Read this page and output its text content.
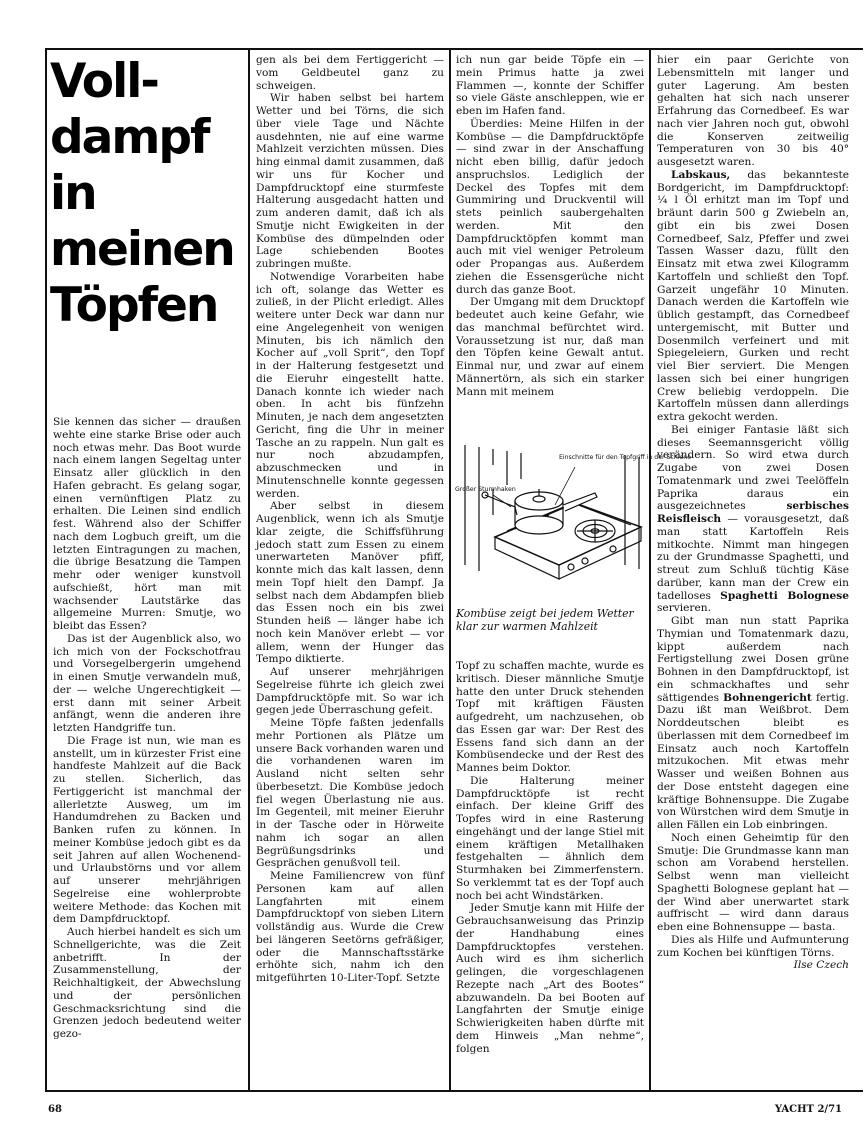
Voll-
dampf
in
meinen
Töpfen

Sie kennen das sicher — draußen wehte eine starke Brise oder auch noch etwas mehr. Das Boot wurde nach einem langen Segeltag unter Einsatz aller glücklich in den Hafen gebracht. Es gelang sogar, einen vernünftigen Platz zu erhalten. Die Leinen sind endlich fest. Während also der Schiffer nach dem Logbuch greift, um die letzten Eintragungen zu machen, die übrige Besatzung die Tampen mehr oder weniger kunstvoll aufschießt, hört man mit wachsender Lautstärke das allgemeine Murren: Smutje, wo bleibt das Essen?

Das ist der Augenblick also, wo ich mich von der Fockschotfrau und Vorsegelbergerin umgehend in einen Smutje verwandeln muß, der — welche Ungerechtigkeit — erst dann mit seiner Arbeit anfängt, wenn die anderen ihre letzten Handgriffe tun.

Die Frage ist nun, wie man es anstellt, um in kürzester Frist eine handfeste Mahlzeit auf die Back zu stellen. Sicherlich, das Fertiggericht ist manchmal der allerletzte Ausweg, um im Handumdrehen zu Backen und Banken rufen zu können. In meiner Kombüse jedoch gibt es da seit Jahren auf allen Wochenend- und Urlaubstörns und vor allem auf unserer mehrjährigen Segelreise eine wohlerprobte weitere Methode: das Kochen mit dem Dampfdrucktopf.

Auch hierbei handelt es sich um Schnellgerichte, was die Zeit anbetrifft. In der Zusammenstellung, der Reichhaltigkeit, der Abwechslung und der persönlichen Geschmacksrichtung sind die Grenzen jedoch bedeutend weiter gezo-

gen als bei dem Fertiggericht — vom Geldbeutel ganz zu schweigen.

Wir haben selbst bei hartem Wetter und bei Törns, die sich über viele Tage und Nächte ausdehnten, nie auf eine warme Mahlzeit verzichten müssen. Dies hing einmal damit zusammen, daß wir uns für Kocher und Dampfdrucktopf eine sturmfeste Halterung ausgedacht hatten und zum anderen damit, daß ich als Smutje nicht Ewigkeiten in der Kombüse des dümpelnden oder Lage schiebenden Bootes zubringen mußte.

Notwendige Vorarbeiten habe ich oft, solange das Wetter es zuließ, in der Plicht erledigt. Alles weitere unter Deck war dann nur eine Angelegenheit von wenigen Minuten, bis ich nämlich den Kocher auf „voll Sprit“, den Topf in der Halterung festgesetzt und die Eieruhr eingestellt hatte. Danach konnte ich wieder nach oben. In acht bis fünfzehn Minuten, je nach dem angesetzten Gericht, fing die Uhr in meiner Tasche an zu rappeln. Nun galt es nur noch abzudampfen, abzuschmecken und in Minutenschnelle konnte gegessen werden.

Aber selbst in diesem Augenblick, wenn ich als Smutje klar zeigte, die Schiffsführung jedoch statt zum Essen zu einem unerwarteten Manöver pfiff, konnte mich das kalt lassen, denn mein Topf hielt den Dampf. Ja selbst nach dem Abdampfen blieb das Essen noch ein bis zwei Stunden heiß — länger habe ich noch kein Manöver erlebt — vor allem, wenn der Hunger das Tempo diktierte.

Auf unserer mehrjährigen Segelreise führte ich gleich zwei Dampfdrucktöpfe mit. So war ich gegen jede Überraschung gefeit.

Meine Töpfe faßten jedenfalls mehr Portionen als Plätze um unsere Back vorhanden waren und die vorhandenen waren im Ausland nicht selten sehr überbesetzt. Die Kombüse jedoch fiel wegen Überlastung nie aus. Im Gegenteil, mit meiner Eieruhr in der Tasche oder in Hörweite nahm ich sogar an allen Begrüßungsdrinks und Gesprächen genußvoll teil.

Meine Familiencrew von fünf Personen kam auf allen Langfahrten mit einem Dampfdrucktopf von sieben Litern vollständig aus. Wurde die Crew bei längeren Seetörns gefräßiger, oder die Mannschaftsstärke erhöhte sich, nahm ich den mitgeführten 10-Liter-Topf. Setzte

ich nun gar beide Töpfe ein — mein Primus hatte ja zwei Flammen —, konnte der Schiffer so viele Gäste anschleppen, wie er eben im Hafen fand.

Überdies: Meine Hilfen in der Kombüse — die Dampfdrucktöpfe — sind zwar in der Anschaffung nicht eben billig, dafür jedoch anspruchslos. Lediglich der Deckel des Topfes mit dem Gummiring und Druckventil will stets peinlich saubergehalten werden. Mit den Dampfdrucktöpfen kommt man auch mit viel weniger Petroleum oder Propangas aus. Außerdem ziehen die Essensgerüche nicht durch das ganze Boot.

Der Umgang mit dem Drucktopf bedeutet auch keine Gefahr, wie das manchmal befürchtet wird. Voraussetzung ist nur, daß man den Töpfen keine Gewalt antut. Einmal nur, und zwar auf einem Männertörn, als sich ein starker Mann mit meinem

Einschnitte für den Topfgriff in der Schiene
Großer Sturmhaken
Kombüse zeigt bei jedem Wetter klar zur warmen Mahlzeit

Topf zu schaffen machte, wurde es kritisch. Dieser männliche Smutje hatte den unter Druck stehenden Topf mit kräftigen Fäusten aufgedreht, um nachzusehen, ob das Essen gar war: Der Rest des Essens fand sich dann an der Kombüsendecke und der Rest des Mannes beim Doktor.

Die Halterung meiner Dampfdrucktöpfe ist recht einfach. Der kleine Griff des Topfes wird in eine Rasterung eingehängt und der lange Stiel mit einem kräftigen Metallhaken festgehalten — ähnlich dem Sturmhaken bei Zimmerfenstern. So verklemmt tat es der Topf auch noch bei acht Windstärken.

Jeder Smutje kann mit Hilfe der Gebrauchsanweisung das Prinzip der Handhabung eines Dampfdrucktopfes verstehen. Auch wird es ihm sicherlich gelingen, die vorgeschlagenen Rezepte nach „Art des Bootes“ abzuwandeln. Da bei Booten auf Langfahrten der Smutje einige Schwierigkeiten haben dürfte mit dem Hinweis „Man nehme“, folgen

hier ein paar Gerichte von Lebensmitteln mit langer und guter Lagerung. Am besten gehalten hat sich nach unserer Erfahrung das Cornedbeef. Es war nach vier Jahren noch gut, obwohl die Konserven zeitweilig Temperaturen von 30 bis 40° ausgesetzt waren.

Labskaus, das bekannteste Bordgericht, im Dampfdrucktopf: ¼ l Öl erhitzt man im Topf und bräunt darin 500 g Zwiebeln an, gibt ein bis zwei Dosen Cornedbeef, Salz, Pfeffer und zwei Tassen Wasser dazu, füllt den Einsatz mit etwa zwei Kilogramm Kartoffeln und schließt den Topf. Garzeit ungefähr 10 Minuten. Danach werden die Kartoffeln wie üblich gestampft, das Cornedbeef untergemischt, mit Butter und Dosenmilch verfeinert und mit Spiegeleiern, Gurken und recht viel Bier serviert. Die Mengen lassen sich bei einer hungrigen Crew beliebig verdoppeln. Die Kartoffeln müssen dann allerdings extra gekocht werden.

Bei einiger Fantasie läßt sich dieses Seemannsgericht völlig verändern. So wird etwa durch Zugabe von zwei Dosen Tomatenmark und zwei Teelöffeln Paprika daraus ein ausgezeichnetes serbisches Reisfleisch — vorausgesetzt, daß man statt Kartoffeln Reis mitkochte. Nimmt man hingegen zu der Grundmasse Spaghetti, und streut zum Schluß tüchtig Käse darüber, kann man der Crew ein tadelloses Spaghetti Bolognese servieren.

Gibt man nun statt Paprika Thymian und Tomatenmark dazu, kippt außerdem nach Fertigstellung zwei Dosen grüne Bohnen in den Dampfdrucktopf, ist ein schmackhaftes und sehr sättigendes Bohnengericht fertig. Dazu ißt man Weißbrot. Dem Norddeutschen bleibt es überlassen mit dem Cornedbeef im Einsatz auch noch Kartoffeln mitzukochen. Mit etwas mehr Wasser und weißen Bohnen aus der Dose entsteht dagegen eine kräftige Bohnensuppe. Die Zugabe von Würstchen wird dem Smutje in allen Fällen ein Lob einbringen.

Noch einen Geheimtip für den Smutje: Die Grundmasse kann man schon am Vorabend herstellen. Selbst wenn man vielleicht Spaghetti Bolognese geplant hat — der Wind aber unerwartet stark auffrischt — wird dann daraus eben eine Bohnensuppe — basta.

Dies als Hilfe und Aufmunterung zum Kochen bei künftigen Törns.

Ilse Czech

68	YACHT 2/71
